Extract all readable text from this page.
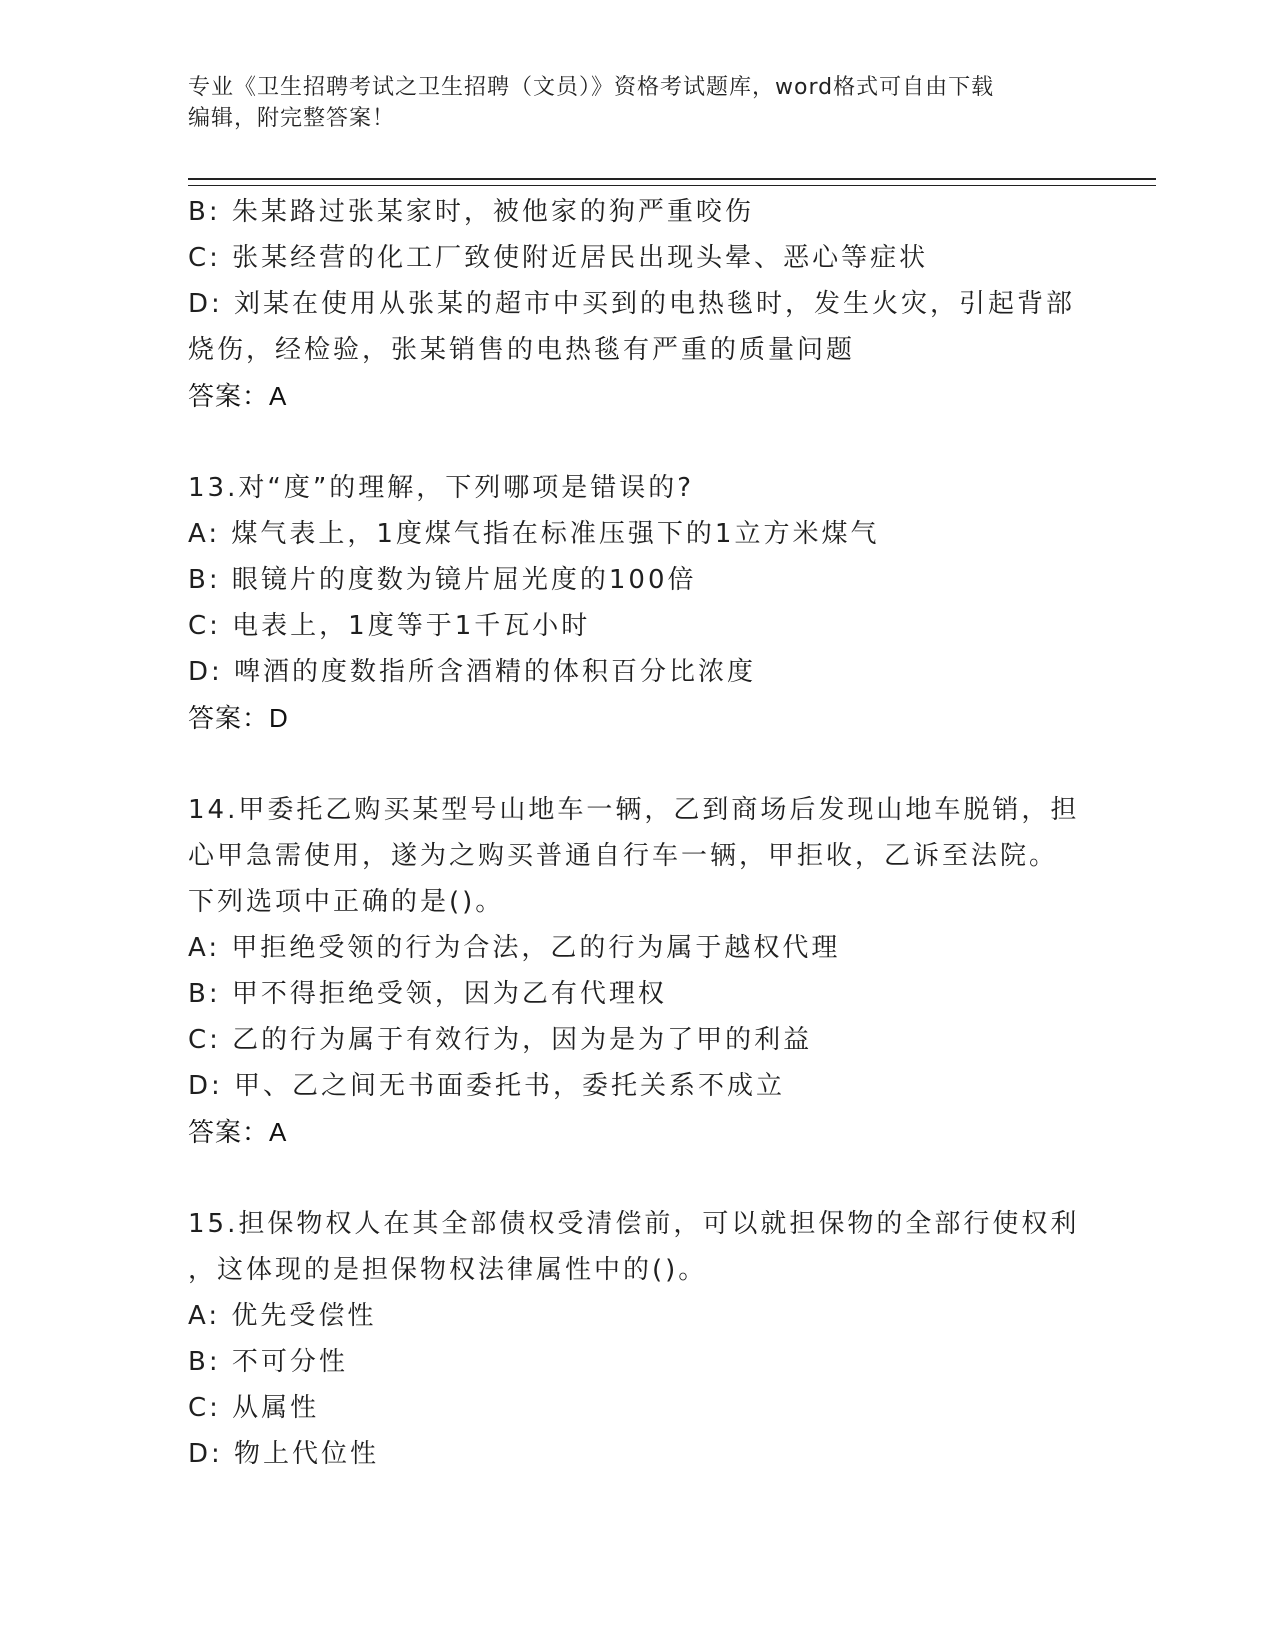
专业《卫生招聘考试之卫生招聘（文员）》资格考试题库，word格式可自由下载
编辑，附完整答案！
B: 朱某路过张某家时，被他家的狗严重咬伤
C: 张某经营的化工厂致使附近居民出现头晕、恶心等症状
D: 刘某在使用从张某的超市中买到的电热毯时，发生火灾，引起背部
烧伤，经检验，张某销售的电热毯有严重的质量问题
答案：A
13.对“度”的理解，下列哪项是错误的?
A: 煤气表上，1度煤气指在标准压强下的1立方米煤气
B: 眼镜片的度数为镜片屈光度的100倍
C: 电表上，1度等于1千瓦小时
D: 啤酒的度数指所含酒精的体积百分比浓度
答案：D
14.甲委托乙购买某型号山地车一辆，乙到商场后发现山地车脱销，担
心甲急需使用，遂为之购买普通自行车一辆，甲拒收，乙诉至法院。
下列选项中正确的是()。
A: 甲拒绝受领的行为合法，乙的行为属于越权代理
B: 甲不得拒绝受领，因为乙有代理权
C: 乙的行为属于有效行为，因为是为了甲的利益
D: 甲、乙之间无书面委托书，委托关系不成立
答案：A
15.担保物权人在其全部债权受清偿前，可以就担保物的全部行使权利
，这体现的是担保物权法律属性中的()。
A: 优先受偿性
B: 不可分性
C: 从属性
D: 物上代位性
